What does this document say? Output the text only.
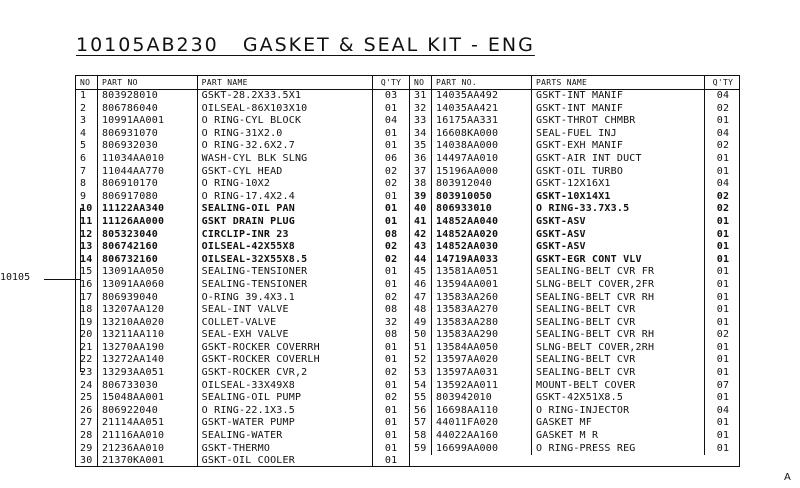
10105AB230   GASKET & SEAL KIT - ENG
NO	PART NO	PART NAME	Q'TY
1	803928010	GSKT-28.2X33.5X1	03
2	806786040	OILSEAL-86X103X10	01
3	10991AA001	O RING-CYL BLOCK	04
4	806931070	O RING-31X2.0	01
5	806932030	O RING-32.6X2.7	01
6	11034AA010	WASH-CYL BLK SLNG	06
7	11044AA770	GSKT-CYL HEAD	02
8	806910170	O RING-10X2	02
9	806917080	O RING-17.4X2.4	01
10 11122AA340	SEALING-OIL PAN	01
11 11126AA000	GSKT DRAIN PLUG	01
12 805323040	CIRCLIP-INR 23	08
13 806742160	OILSEAL-42X55X8	02
14 806732160	OILSEAL-32X55X8.5	02
15 13091AA050	SEALING-TENSIONER	01
16 13091AA060	SEALING-TENSIONER	01
17 806939040	O-RING 39.4X3.1	02
18 13207AA120	SEAL-INT VALVE	08
19 13210AA020	COLLET-VALVE	32
20 13211AA110	SEAL-EXH VALVE	08
21 13270AA190	GSKT-ROCKER COVERRH	01
22 13272AA140	GSKT-ROCKER COVERLH	01
23 13293AA051	GSKT-ROCKER CVR,2	02
24 806733030	OILSEAL-33X49X8	01
25 15048AA001	SEALING-OIL PUMP	02
26 806922040	O RING-22.1X3.5	01
27 21114AA051	GSKT-WATER PUMP	01
28 21116AA010	SEALING-WATER	01
29 21236AA010	GSKT-THERMO	01
30 21370KA001	GSKT-OIL COOLER	01
NO	PART NO.	PARTS NAME	Q'TY
31 14035AA492	GSKT-INT MANIF	04
32 14035AA421	GSKT-INT MANIF	02
33 16175AA331	GSKT-THROT CHMBR	01
34 16608KA000	SEAL-FUEL INJ	04
35 14038AA000	GSKT-EXH MANIF	02
36 14497AA010	GSKT-AIR INT DUCT	01
37 15196AA000	GSKT-OIL TURBO	01
38 803912040	GSKT-12X16X1	04
39 803910050	GSKT-10X14X1	02
40 806933010	O RING-33.7X3.5	02
41 14852AA040	GSKT-ASV	01
42 14852AA020	GSKT-ASV	01
43 14852AA030	GSKT-ASV	01
44 14719AA033	GSKT-EGR CONT VLV	01
45 13581AA051	SEALING-BELT CVR FR	01
46 13594AA001	SLNG-BELT COVER,2FR	01
47 13583AA260	SEALING-BELT CVR RH	01
48 13583AA270	SEALING-BELT CVR	01
49 13583AA280	SEALING-BELT CVR	01
50 13583AA290	SEALING-BELT CVR RH	02
51 13584AA050	SLNG-BELT COVER,2RH	01
52 13597AA020	SEALING-BELT CVR	01
53 13597AA031	SEALING-BELT CVR	01
54 13592AA011	MOUNT-BELT COVER	07
55 803942010	GSKT-42X51X8.5	01
56 16698AA110	O RING-INJECTOR	04
57 44011FA020	GASKET MF	01
58 44022AA160	GASKET M R	01
59 16699AA000	O RING-PRESS REG	01
10105
A
